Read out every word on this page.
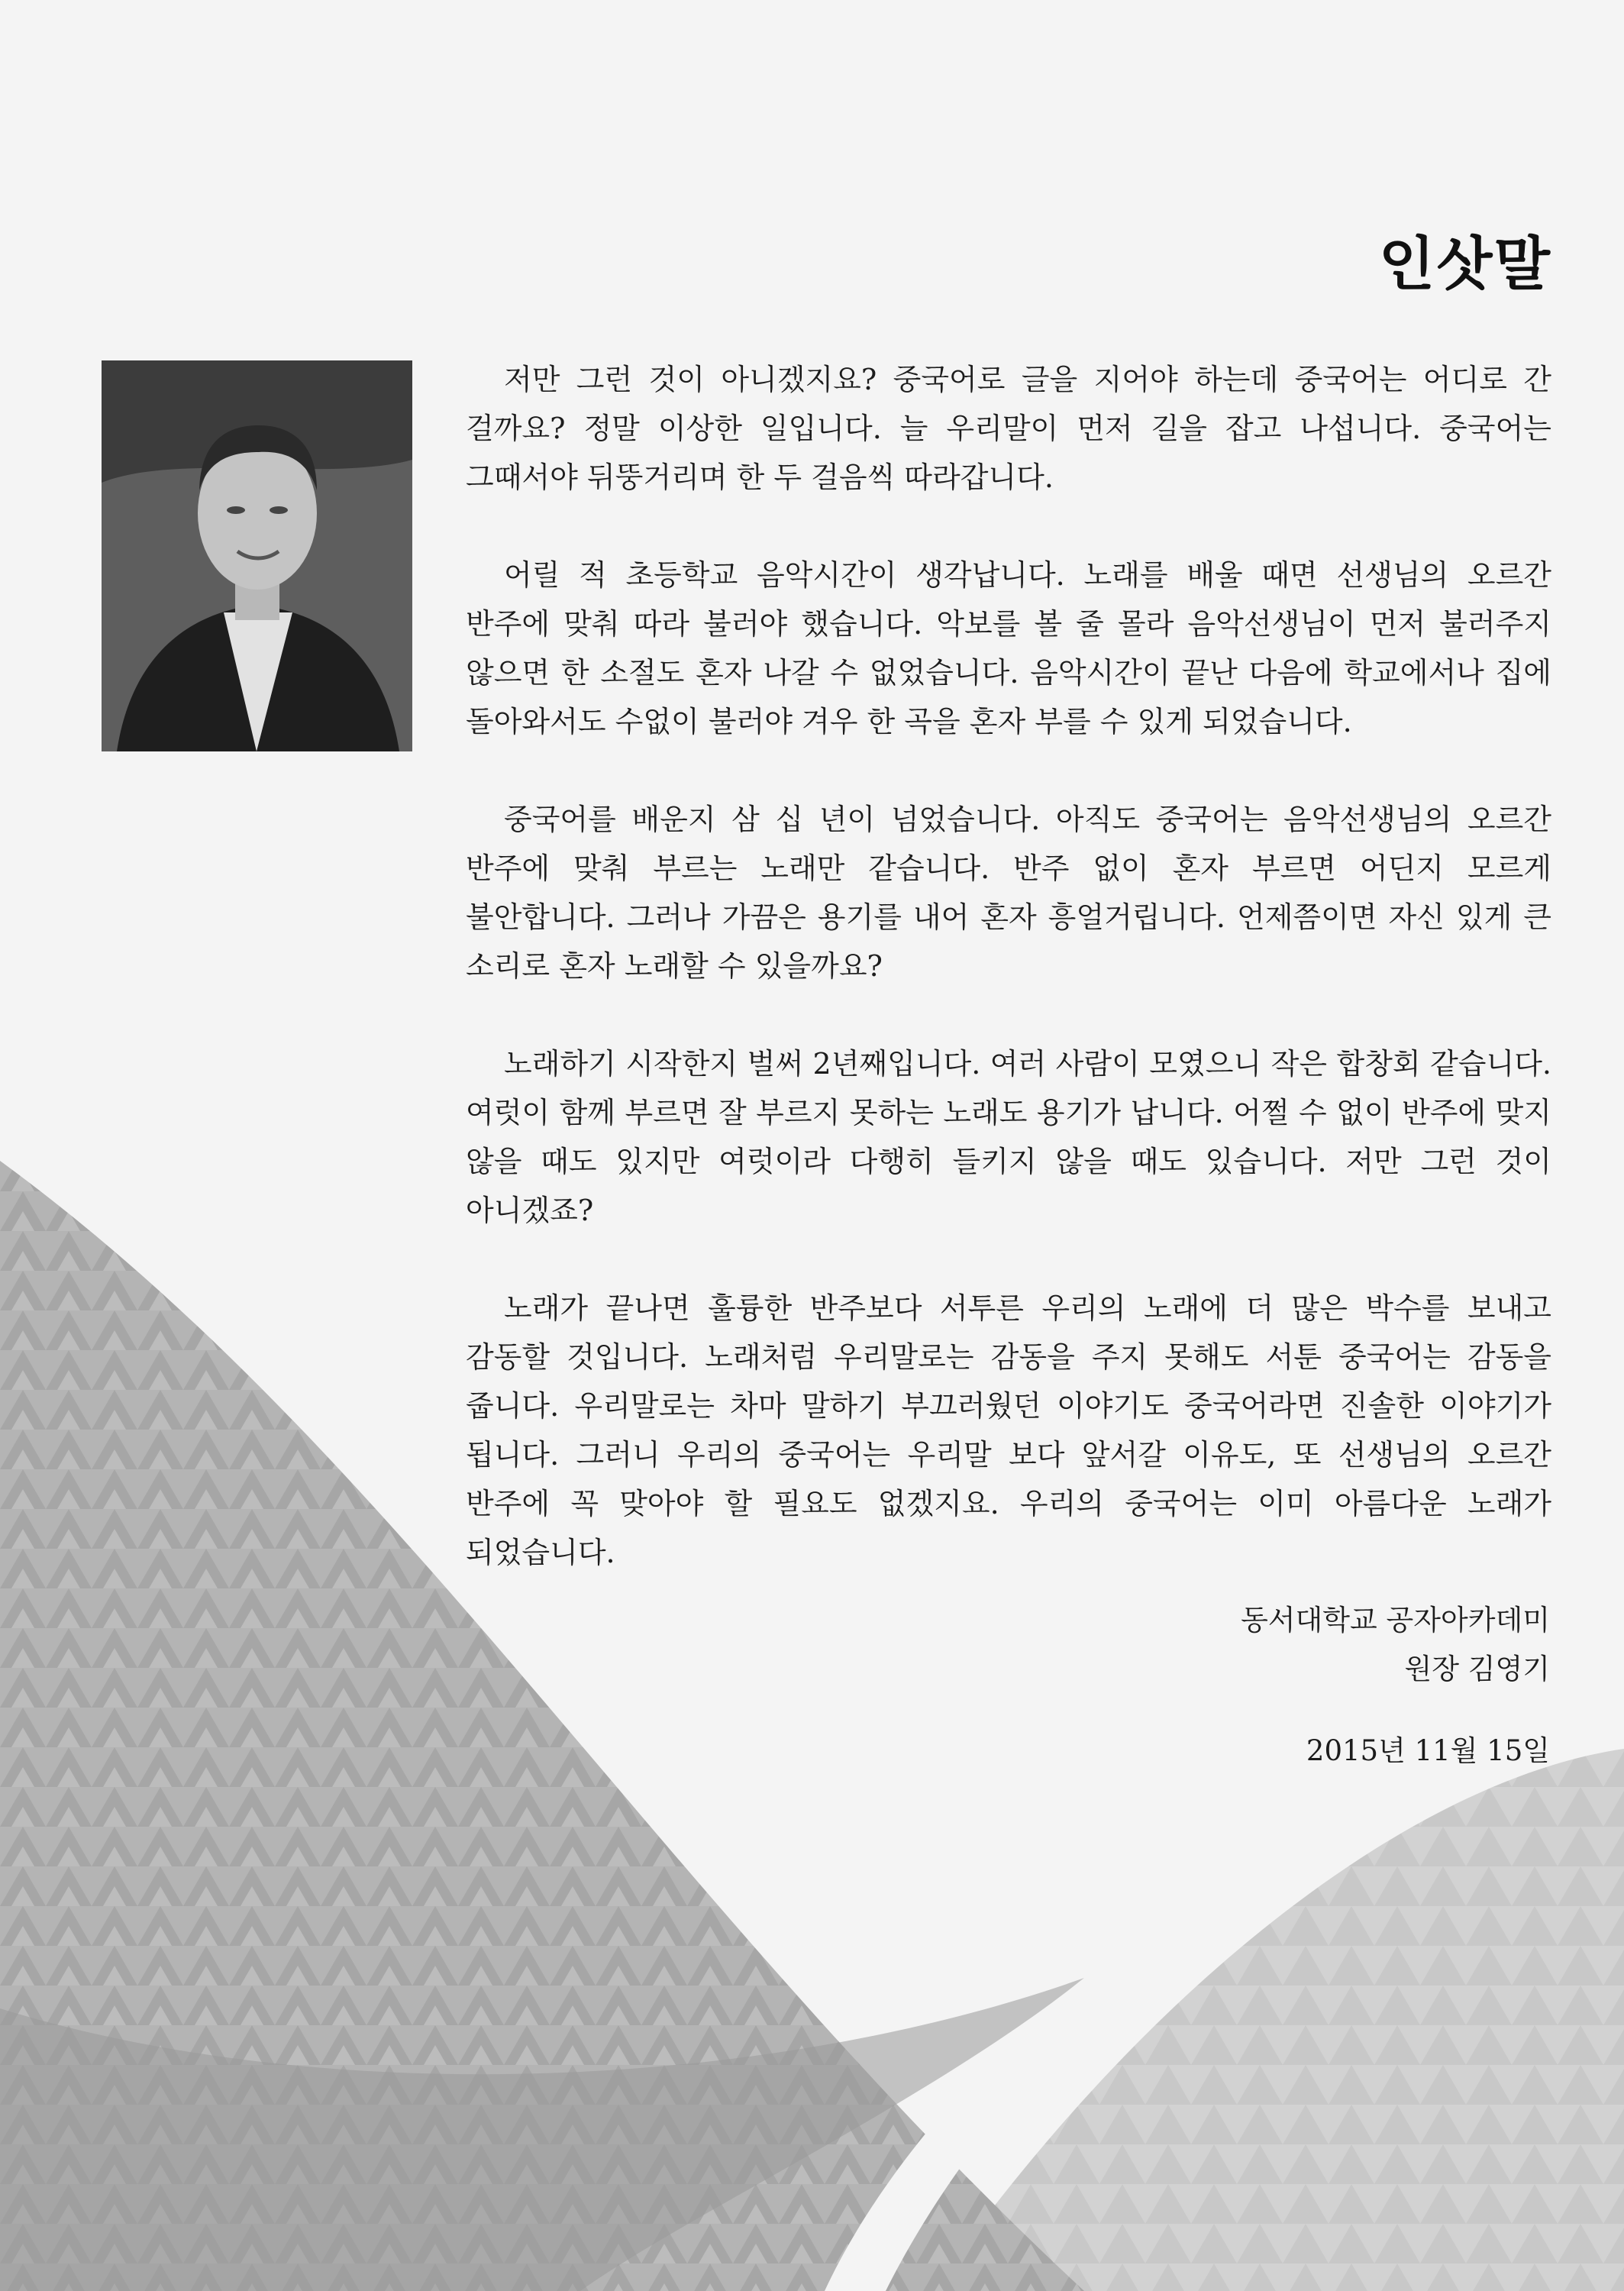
인삿말

저만 그런 것이 아니겠지요? 중국어로 글을 지어야 하는데 중국어는 어디로 간 걸까요? 정말 이상한 일입니다. 늘 우리말이 먼저 길을 잡고 나섭니다. 중국어는 그때서야 뒤뚱거리며 한 두 걸음씩 따라갑니다.

어릴 적 초등학교 음악시간이 생각납니다. 노래를 배울 때면 선생님의 오르간 반주에 맞춰 따라 불러야 했습니다. 악보를 볼 줄 몰라 음악선생님이 먼저 불러주지 않으면 한 소절도 혼자 나갈 수 없었습니다. 음악시간이 끝난 다음에 학교에서나 집에 돌아와서도 수없이 불러야 겨우 한 곡을 혼자 부를 수 있게 되었습니다.

중국어를 배운지 삼 십 년이 넘었습니다. 아직도 중국어는 음악선생님의 오르간 반주에 맞춰 부르는 노래만 같습니다. 반주 없이 혼자 부르면 어딘지 모르게 불안합니다. 그러나 가끔은 용기를 내어 혼자 흥얼거립니다. 언제쯤이면 자신 있게 큰 소리로 혼자 노래할 수 있을까요?

노래하기 시작한지 벌써 2년째입니다. 여러 사람이 모였으니 작은 합창회 같습니다. 여럿이 함께 부르면 잘 부르지 못하는 노래도 용기가 납니다. 어쩔 수 없이 반주에 맞지 않을 때도 있지만 여럿이라 다행히 들키지 않을 때도 있습니다. 저만 그런 것이 아니겠죠?

노래가 끝나면 훌륭한 반주보다 서투른 우리의 노래에 더 많은 박수를 보내고 감동할 것입니다. 노래처럼 우리말로는 감동을 주지 못해도 서툰 중국어는 감동을 줍니다. 우리말로는 차마 말하기 부끄러웠던 이야기도 중국어라면 진솔한 이야기가 됩니다. 그러니 우리의 중국어는 우리말 보다 앞서갈 이유도, 또 선생님의 오르간 반주에 꼭 맞아야 할 필요도 없겠지요. 우리의 중국어는 이미 아름다운 노래가 되었습니다.

동서대학교 공자아카데미
원장 김영기
2015년 11월 15일
